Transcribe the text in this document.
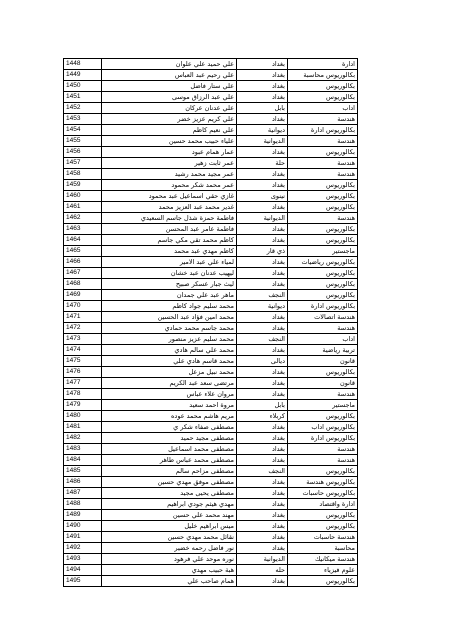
1448	علي حميد علي علوان	بغداد	ادارة
1449	علي رحيم عبد العباس	بغداد	بكالوريوس محاسبة
1450	علي ستار فاضل	بغداد	بكالوريوس
1451	علي عبد الرزاق موسى	بغداد	بكالوريوس
1452	علي عدنان عركان	بابل	اداب
1453	علي كريم عزيز خضر	بغداد	هندسة
1454	علي نعيم كاظم	ديوانية	بكالوريوس ادارة
1455	علياء حبيب محمد حسين	الديوانية	هندسة
1456	عمار همام عبود	بغداد	بكالوريوس
1457	عمر ثابت زهير	حلة	هندسة
1458	عمر مجيد محمد رشيد	بغداد	هندسة
1459	عمر محمد شكر محمود	بغداد	بكالوريوس
1460	غازي حقي اسماعيل عبد محمود	نينوى	بكالوريوس
1461	غدير محمد عبد العزيز محمد	بغداد	بكالوريوس
1462	فاطمة حمزة شذل جاسم السعيدي	الديوانية	هندسة
1463	فاطمة عامر عبد المحسن	بغداد	بكالوريوس
1464	كاظم محمد تقي مكي جاسم	بغداد	بكالوريوس
1465	كاظم مهدي عبد محمد	ذي قار	ماجستير
1466	لمياء علي عبد الامير	بغداد	بكالوريوس رياضيات
1467	ليهيب عدنان عبد خشان	بغداد	بكالوريوس
1468	ليث جبار عسكر صبيح	بغداد	بكالوريوس
1469	ماهر عبد علي جمدان	النجف	بكالوريوس
1470	محمد سليم جواد كاظم	ديوانية	بكالوريوس ادارة
1471	محمد امين فؤاد عبد الحسين	بغداد	هندسة اتصالات
1472	محمد جاسم محمد حمادي	بغداد	هندسة
1473	محمد سليم عزيز منصور	النجف	اداب
1474	محمد علي سالم هادي	بغداد	تربية رياضية
1475	محمد قاسم هادي علي	ديالى	قانون
1476	محمد نبيل مزعل	بغداد	بكالوريوس
1477	مرتضى سعد عبد الكريم	بغداد	قانون
1478	مروان علاء عباس	بغداد	هندسة
1479	مروة احمد سعيد	بابل	ماجستير
1480	مريم هاشم محمد عوده	كربلاء	بكالوريوس
1481	مصطفى صفاء شكر ي	بغداد	بكالوريوس اداب
1482	مصطفى مجيد حميد	بغداد	بكالوريوس ادارة
1483	مصطفى محمد اسماعيل	بغداد	هندسة
1484	مصطفى محمد عباس طاهر	بغداد	هندسة
1485	مصطفى مزاحم سالم	النجف	بكالوريوس
1486	مصطفى موفق مهدي حسين	بغداد	بكالوريوس هندسة
1487	مصطفى يحيى مجيد	بغداد	بكالوريوس حاسبات
1488	مهدي هيثم جودي ابراهيم	بغداد	ادارة واقتصاد
1489	مهند محمد علي حسين	بغداد	بكالوريوس
1490	ميس ابراهيم خليل	بغداد	بكالوريوس
1491	نقائل محمد مهدي حسين	بغداد	هندسة حاسبات
1492	نور فاضل رحمه خضير	بغداد	محاسبة
1493	نوره موحد علي فرهود	الديوانية	هندسة ميكانيك
1494	هبة حبيب مهدي	حله	علوم فيزياء
1495	همام صاحب علي	بغداد	بكالوريوس
